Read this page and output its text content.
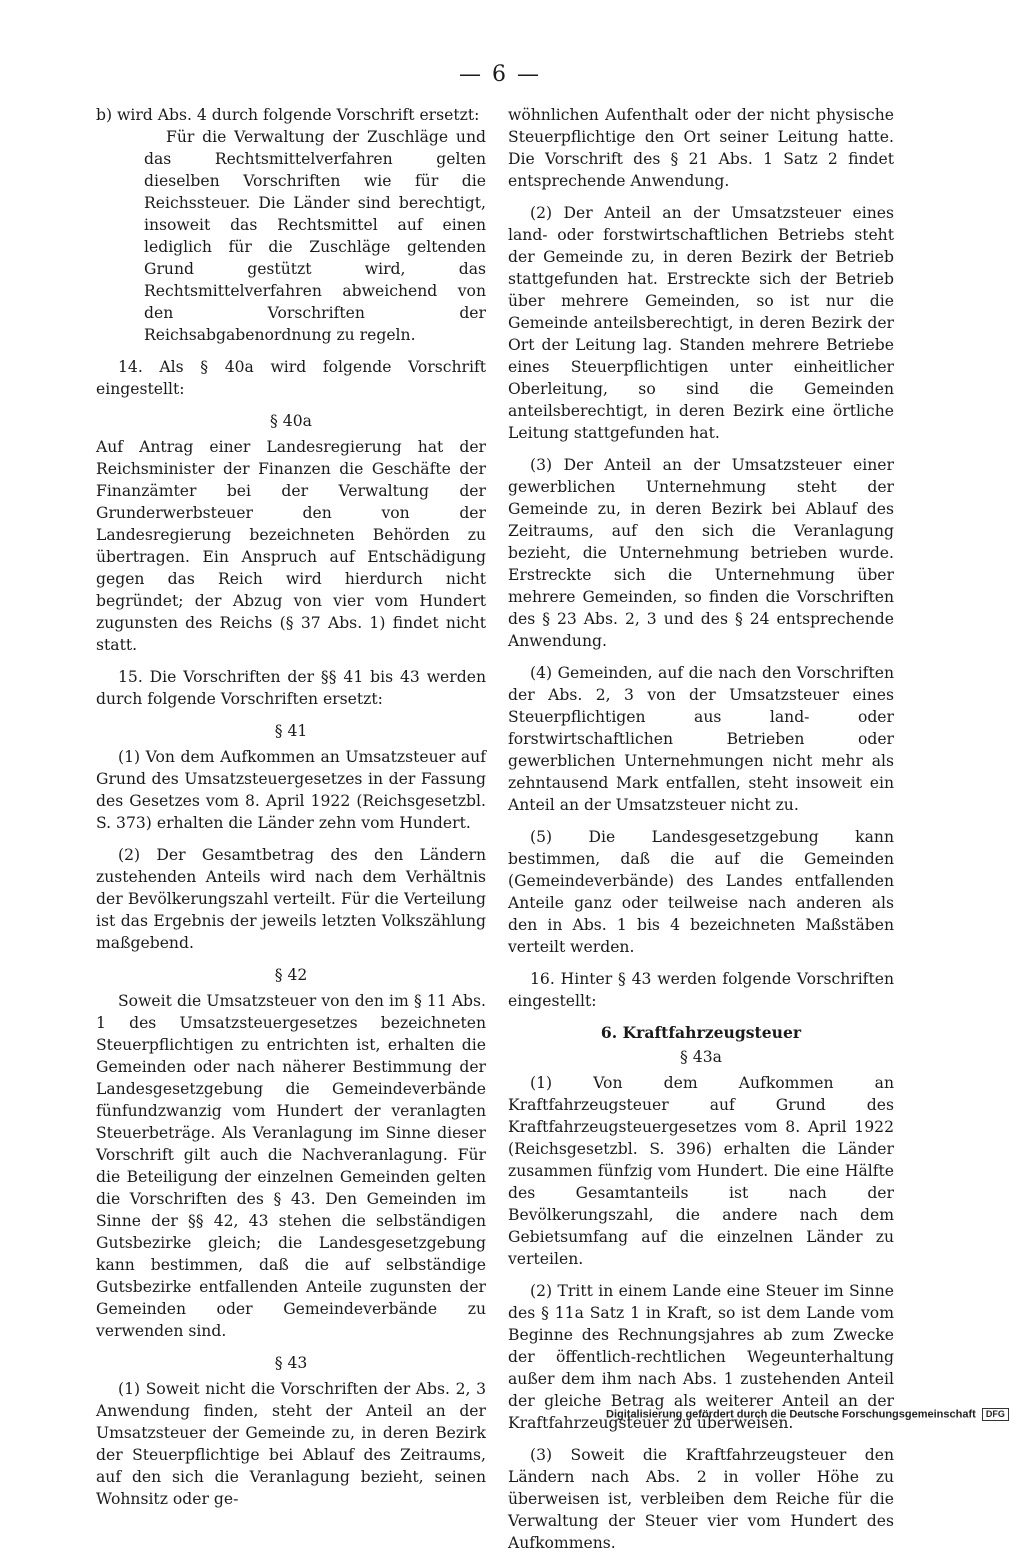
— 6 —

b) wird Abs. 4 durch folgende Vorschrift ersetzt:

Für die Verwaltung der Zuschläge und das Rechtsmittelverfahren gelten dieselben Vorschriften wie für die Reichssteuer. Die Länder sind berechtigt, insoweit das Rechtsmittel auf einen lediglich für die Zuschläge geltenden Grund gestützt wird, das Rechtsmittelverfahren abweichend von den Vorschriften der Reichsabgabenordnung zu regeln.

14. Als § 40a wird folgende Vorschrift eingestellt:

§ 40a

Auf Antrag einer Landesregierung hat der Reichsminister der Finanzen die Geschäfte der Finanzämter bei der Verwaltung der Grunderwerbsteuer den von der Landesregierung bezeichneten Behörden zu übertragen. Ein Anspruch auf Entschädigung gegen das Reich wird hierdurch nicht begründet; der Abzug von vier vom Hundert zugunsten des Reichs (§ 37 Abs. 1) findet nicht statt.

15. Die Vorschriften der §§ 41 bis 43 werden durch folgende Vorschriften ersetzt:

§ 41

(1) Von dem Aufkommen an Umsatzsteuer auf Grund des Umsatzsteuergesetzes in der Fassung des Gesetzes vom 8. April 1922 (Reichsgesetzbl. S. 373) erhalten die Länder zehn vom Hundert.

(2) Der Gesamtbetrag des den Ländern zustehenden Anteils wird nach dem Verhältnis der Bevölkerungszahl verteilt. Für die Verteilung ist das Ergebnis der jeweils letzten Volkszählung maßgebend.

§ 42

Soweit die Umsatzsteuer von den im § 11 Abs. 1 des Umsatzsteuergesetzes bezeichneten Steuerpflichtigen zu entrichten ist, erhalten die Gemeinden oder nach näherer Bestimmung der Landesgesetzgebung die Gemeindeverbände fünfundzwanzig vom Hundert der veranlagten Steuerbeträge. Als Veranlagung im Sinne dieser Vorschrift gilt auch die Nachveranlagung. Für die Beteiligung der einzelnen Gemeinden gelten die Vorschriften des § 43. Den Gemeinden im Sinne der §§ 42, 43 stehen die selbständigen Gutsbezirke gleich; die Landesgesetzgebung kann bestimmen, daß die auf selbständige Gutsbezirke entfallenden Anteile zugunsten der Gemeinden oder Gemeindeverbände zu verwenden sind.

§ 43

(1) Soweit nicht die Vorschriften der Abs. 2, 3 Anwendung finden, steht der Anteil an der Umsatzsteuer der Gemeinde zu, in deren Bezirk der Steuerpflichtige bei Ablauf des Zeitraums, auf den sich die Veranlagung bezieht, seinen Wohnsitz oder ge-

wöhnlichen Aufenthalt oder der nicht physische Steuerpflichtige den Ort seiner Leitung hatte. Die Vorschrift des § 21 Abs. 1 Satz 2 findet entsprechende Anwendung.

(2) Der Anteil an der Umsatzsteuer eines land- oder forstwirtschaftlichen Betriebs steht der Gemeinde zu, in deren Bezirk der Betrieb stattgefunden hat. Erstreckte sich der Betrieb über mehrere Gemeinden, so ist nur die Gemeinde anteilsberechtigt, in deren Bezirk der Ort der Leitung lag. Standen mehrere Betriebe eines Steuerpflichtigen unter einheitlicher Oberleitung, so sind die Gemeinden anteilsberechtigt, in deren Bezirk eine örtliche Leitung stattgefunden hat.

(3) Der Anteil an der Umsatzsteuer einer gewerblichen Unternehmung steht der Gemeinde zu, in deren Bezirk bei Ablauf des Zeitraums, auf den sich die Veranlagung bezieht, die Unternehmung betrieben wurde. Erstreckte sich die Unternehmung über mehrere Gemeinden, so finden die Vorschriften des § 23 Abs. 2, 3 und des § 24 entsprechende Anwendung.

(4) Gemeinden, auf die nach den Vorschriften der Abs. 2, 3 von der Umsatzsteuer eines Steuerpflichtigen aus land- oder forstwirtschaftlichen Betrieben oder gewerblichen Unternehmungen nicht mehr als zehntausend Mark entfallen, steht insoweit ein Anteil an der Umsatzsteuer nicht zu.

(5) Die Landesgesetzgebung kann bestimmen, daß die auf die Gemeinden (Gemeindeverbände) des Landes entfallenden Anteile ganz oder teilweise nach anderen als den in Abs. 1 bis 4 bezeichneten Maßstäben verteilt werden.

16. Hinter § 43 werden folgende Vorschriften eingestellt:

6. Kraftfahrzeugsteuer

§ 43a

(1) Von dem Aufkommen an Kraftfahrzeugsteuer auf Grund des Kraftfahrzeugsteuergesetzes vom 8. April 1922 (Reichsgesetzbl. S. 396) erhalten die Länder zusammen fünfzig vom Hundert. Die eine Hälfte des Gesamtanteils ist nach der Bevölkerungszahl, die andere nach dem Gebietsumfang auf die einzelnen Länder zu verteilen.

(2) Tritt in einem Lande eine Steuer im Sinne des § 11a Satz 1 in Kraft, so ist dem Lande vom Beginne des Rechnungsjahres ab zum Zwecke der öffentlich-rechtlichen Wegeunterhaltung außer dem ihm nach Abs. 1 zustehenden Anteil der gleiche Betrag als weiterer Anteil an der Kraftfahrzeugsteuer zu überweisen.

(3) Soweit die Kraftfahrzeugsteuer den Ländern nach Abs. 2 in voller Höhe zu überweisen ist, verbleiben dem Reiche für die Verwaltung der Steuer vier vom Hundert des Aufkommens.

Digitalisierung gefördert durch die Deutsche Forschungsgemeinschaft DFG
